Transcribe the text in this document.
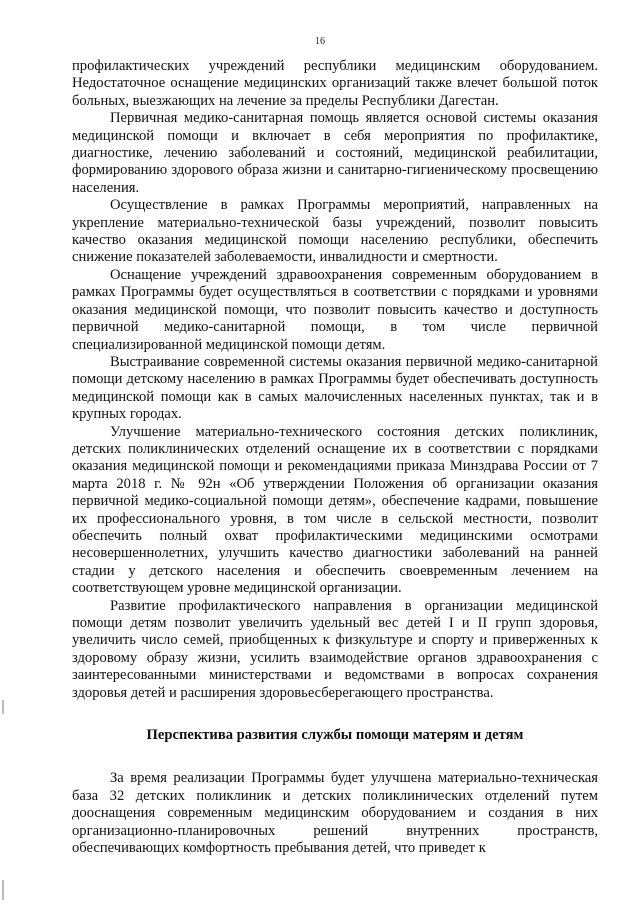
16

профилактических учреждений республики медицинским оборудованием. Недостаточное оснащение медицинских организаций также влечет большой поток больных, выезжающих на лечение за пределы Республики Дагестан.

Первичная медико-санитарная помощь является основой системы оказания медицинской помощи и включает в себя мероприятия по профилактике, диагностике, лечению заболеваний и состояний, медицинской реабилитации, формированию здорового образа жизни и санитарно-гигиеническому просвещению населения.

Осуществление в рамках Программы мероприятий, направленных на укрепление материально-технической базы учреждений, позволит повысить качество оказания медицинской помощи населению республики, обеспечить снижение показателей заболеваемости, инвалидности и смертности.

Оснащение учреждений здравоохранения современным оборудованием в рамках Программы будет осуществляться в соответствии с порядками и уровнями оказания медицинской помощи, что позволит повысить качество и доступность первичной медико-санитарной помощи, в том числе первичной специализированной медицинской помощи детям.

Выстраивание современной системы оказания первичной медико-санитарной помощи детскому населению в рамках Программы будет обеспечивать доступность медицинской помощи как в самых малочисленных населенных пунктах, так и в крупных городах.

Улучшение материально-технического состояния детских поликлиник, детских поликлинических отделений оснащение их в соответствии с порядками оказания медицинской помощи и рекомендациями приказа Минздрава России от 7 марта 2018 г. № 92н «Об утверждении Положения об организации оказания первичной медико-социальной помощи детям», обеспечение кадрами, повышение их профессионального уровня, в том числе в сельской местности, позволит обеспечить полный охват профилактическими медицинскими осмотрами несовершеннолетних, улучшить качество диагностики заболеваний на ранней стадии у детского населения и обеспечить своевременным лечением на соответствующем уровне медицинской организации.

Развитие профилактического направления в организации медицинской помощи детям позволит увеличить удельный вес детей I и II групп здоровья, увеличить число семей, приобщенных к физкультуре и спорту и приверженных к здоровому образу жизни, усилить взаимодействие органов здравоохранения с заинтересованными министерствами и ведомствами в вопросах сохранения здоровья детей и расширения здоровьесберегающего пространства.

Перспектива развития службы помощи матерям и детям

За время реализации Программы будет улучшена материально-техническая база 32 детских поликлиник и детских поликлинических отделений путем дооснащения современным медицинским оборудованием и создания в них организационно-планировочных решений внутренних пространств, обеспечивающих комфортность пребывания детей, что приведет к
